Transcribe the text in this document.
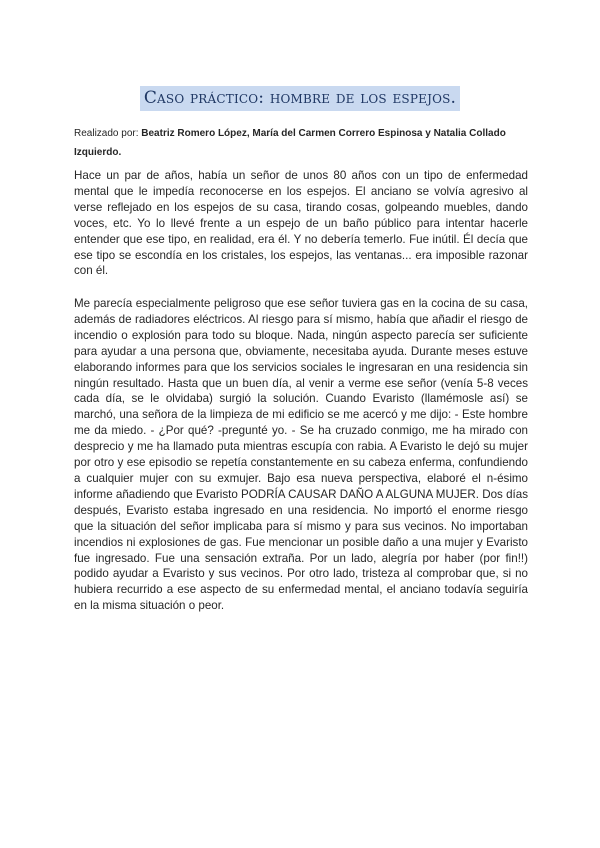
Caso práctico: hombre de los espejos.
Realizado por: Beatriz Romero López, María del Carmen Correro Espinosa y Natalia Collado Izquierdo.

Hace un par de años, había un señor de unos 80 años con un tipo de enfermedad mental que le impedía reconocerse en los espejos. El anciano se volvía agresivo al verse reflejado en los espejos de su casa, tirando cosas, golpeando muebles, dando voces, etc. Yo lo llevé frente a un espejo de un baño público para intentar hacerle entender que ese tipo, en realidad, era él. Y no debería temerlo. Fue inútil. Él decía que ese tipo se escondía en los cristales, los espejos, las ventanas... era imposible razonar con él.

Me parecía especialmente peligroso que ese señor tuviera gas en la cocina de su casa, además de radiadores eléctricos. Al riesgo para sí mismo, había que añadir el riesgo de incendio o explosión para todo su bloque. Nada, ningún aspecto parecía ser suficiente para ayudar a una persona que, obviamente, necesitaba ayuda. Durante meses estuve elaborando informes para que los servicios sociales le ingresaran en una residencia sin ningún resultado. Hasta que un buen día, al venir a verme ese señor (venía 5-8 veces cada día, se le olvidaba) surgió la solución. Cuando Evaristo (llamémosle así) se marchó, una señora de la limpieza de mi edificio se me acercó y me dijo: - Este hombre me da miedo. - ¿Por qué? -pregunté yo. - Se ha cruzado conmigo, me ha mirado con desprecio y me ha llamado puta mientras escupía con rabia. A Evaristo le dejó su mujer por otro y ese episodio se repetía constantemente en su cabeza enferma, confundiendo a cualquier mujer con su exmujer. Bajo esa nueva perspectiva, elaboré el n-ésimo informe añadiendo que Evaristo PODRÍA CAUSAR DAÑO A ALGUNA MUJER. Dos días después, Evaristo estaba ingresado en una residencia. No importó el enorme riesgo que la situación del señor implicaba para sí mismo y para sus vecinos. No importaban incendios ni explosiones de gas. Fue mencionar un posible daño a una mujer y Evaristo fue ingresado. Fue una sensación extraña. Por un lado, alegría por haber (por fin!!) podido ayudar a Evaristo y sus vecinos. Por otro lado, tristeza al comprobar que, si no hubiera recurrido a ese aspecto de su enfermedad mental, el anciano todavía seguiría en la misma situación o peor.
